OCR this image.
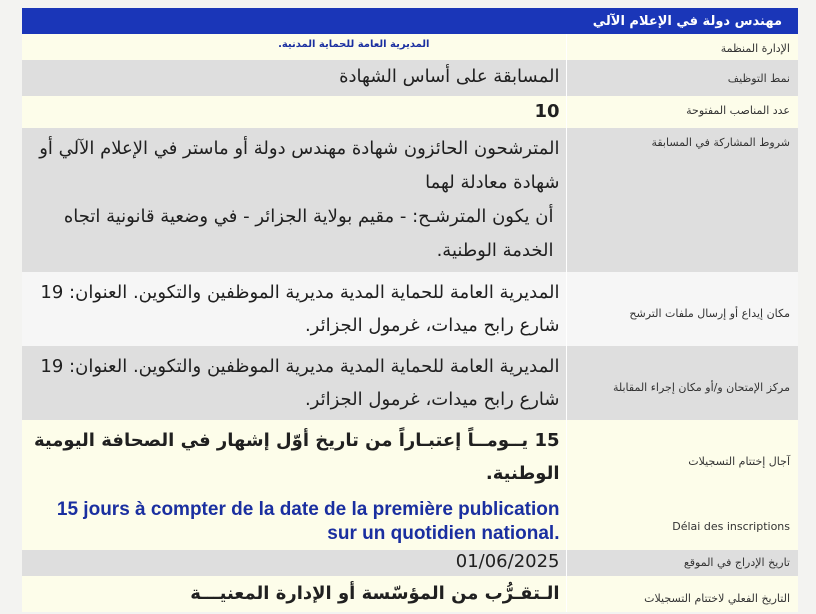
مهندس دولة في الإعلام الآلي
الإدارة المنظمة	المديرية العامة للحماية المدنية.

نمط التوظيف	المسابقة على أساس الشهادة
عدد المناصب المفتوحة	10
شروط المشاركة في المسابقة	المترشحون الحائزون شهادة مهندس دولة أو ماستر في الإعلام الآلي أو شهادة معادلة لهما
أن يكون المترشـح: - مقيم بولاية الجزائر - في وضعية قانونية اتجاه الخدمة الوطنية.

مكان إيداع أو إرسال ملفات الترشح	المديرية العامة للحماية المدية مديرية الموظفين والتكوين. العنوان: 19 شارع رابح ميدات، غرمول الجزائر.
مركز الإمتحان و/أو مكان إجراء المقابلة	المديرية العامة للحماية المدية مديرية الموظفين والتكوين. العنوان: 19 شارع رابح ميدات، غرمول الجزائر.
آجال إختتام التسجيلات	15 يــومــاً إعتبـاراً من تاريخ أوّل إشهار في الصحافة اليومية الوطنية.
Délai des inscriptions	15 jours à compter de la date de la première publication sur un quotidien national.

تاريخ الإدراج في الموقع	01/06/2025
التاريخ الفعلي لاختتام التسجيلات	الـتقـرُّب من المؤسّسة أو الإدارة المعنيـــة
